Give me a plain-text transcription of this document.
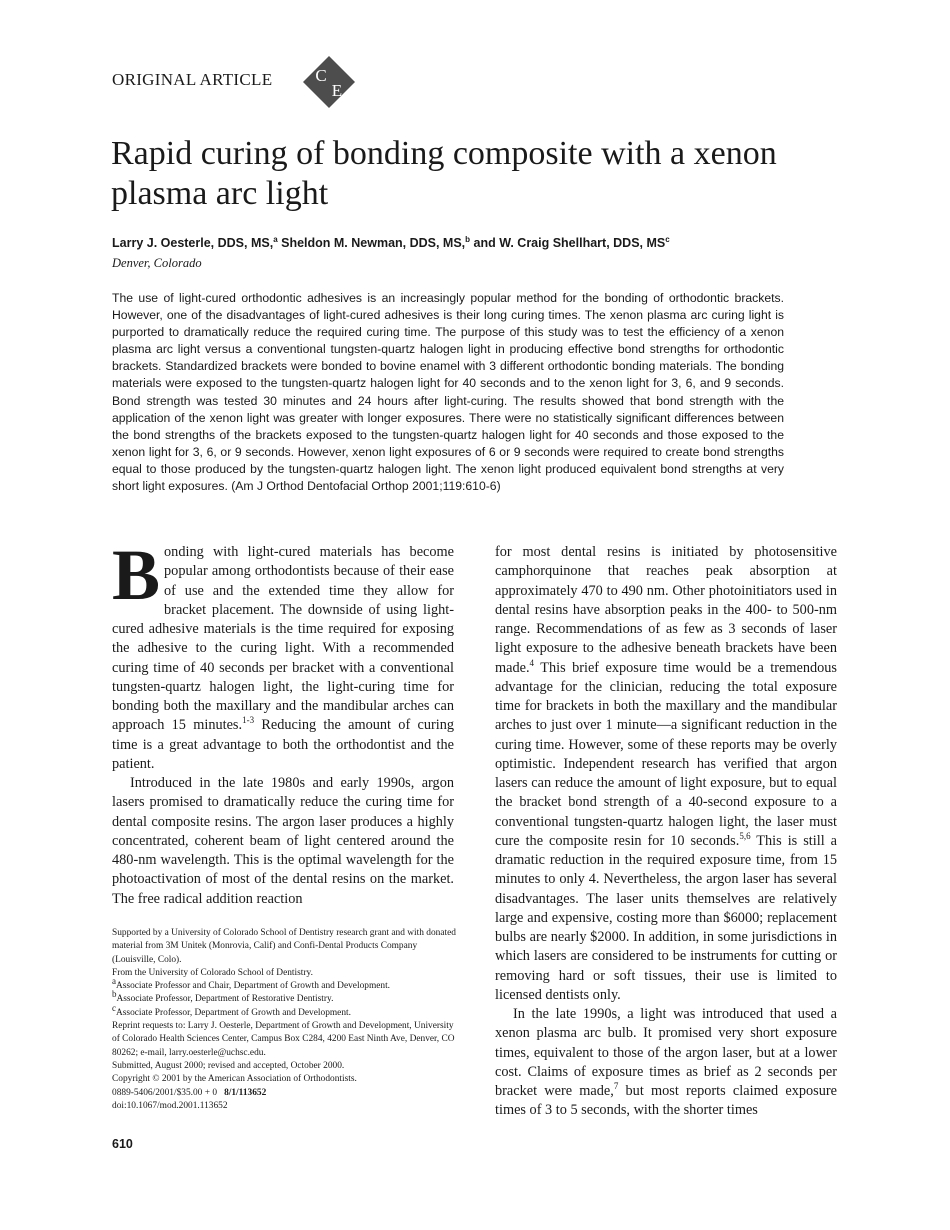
ORIGINAL ARTICLE	C
E
Rapid curing of bonding composite with a xenon plasma arc light
Larry J. Oesterle, DDS, MS,$^a$ Sheldon M. Newman, DDS, MS,$^b$ and W. Craig Shellhart, DDS, $MS^c$
Denver, Colorado

The use of light-cured orthodontic adhesives is an increasingly popular method for the bonding of orthodontic brackets. However, one of the disadvantages of light-cured adhesives is their long curing times. The xenon plasma arc curing light is purported to dramatically reduce the required curing time. The purpose of this study was to test the efficiency of a xenon plasma arc light versus a conventional tungsten-quartz halogen light in producing effective bond strengths for orthodontic brackets. Standardized brackets were bonded to bovine enamel with 3 different orthodontic bonding materials. The bonding materials were exposed to the tungsten-quartz halogen light for 40 seconds and to the xenon light for 3, 6, and 9 seconds. Bond strength was tested 30 minutes and 24 hours after light-curing. The results showed that bond strength with the application of the xenon light was greater with longer exposures. There were no statistically significant differences between the bond strengths of the brackets exposed to the tungsten-quartz halogen light for 40 seconds and those exposed to the xenon light for 3, 6, or 9 seconds. However, xenon light exposures of 6 or 9 seconds were required to create bond strengths equal to those produced by the tungsten-quartz halogen light. The xenon light produced equivalent bond strengths at very short light exposures. (Am J Orthod Dentofacial Orthop 2001;119:610-6)

Bonding with light-cured materials has become popular among orthodontists because of their ease of use and the extended time they allow for bracket placement. The downside of using light-cured adhesive materials is the time required for exposing the adhesive to the curing light. With a recommended curing time of 40 seconds per bracket with a conventional tungsten-quartz halogen light, the light-curing time for bonding both the maxillary and the mandibular arches can approach 15 minutes.$^{1-3}$ Reducing the amount of curing time is a great advantage to both the orthodontist and the patient.

Introduced in the late 1980s and early 1990s, argon lasers promised to dramatically reduce the curing time for dental composite resins. The argon laser produces a highly concentrated, coherent beam of light centered around the 480-nm wavelength. This is the optimal wavelength for the photoactivation of most of the dental resins on the market. The free radical addition reaction

for most dental resins is initiated by photosensitive camphorquinone that reaches peak absorption at approximately 470 to 490 nm. Other photoinitiators used in dental resins have absorption peaks in the 400- to 500-nm range. Recommendations of as few as 3 seconds of laser light exposure to the adhesive beneath brackets have been made.$^4$ This brief exposure time would be a tremendous advantage for the clinician, reducing the total exposure time for brackets in both the maxillary and the mandibular arches to just over 1 minute—a significant reduction in the curing time. However, some of these reports may be overly optimistic. Independent research has verified that argon lasers can reduce the amount of light exposure, but to equal the bracket bond strength of a 40-second exposure to a conventional tungsten-quartz halogen light, the laser must cure the composite resin for 10 seconds.$^{5,6}$ This is still a dramatic reduction in the required exposure time, from 15 minutes to only 4. Nevertheless, the argon laser has several disadvantages. The laser units themselves are relatively large and expensive, costing more than $6000; replacement bulbs are nearly $2000. In addition, in some jurisdictions in which lasers are considered to be instruments for cutting or removing hard or soft tissues, their use is limited to licensed dentists only.

In the late 1990s, a light was introduced that used a xenon plasma arc bulb. It promised very short exposure times, equivalent to those of the argon laser, but at a lower cost. Claims of exposure times as brief as 2 seconds per bracket were made,$^7$ but most reports claimed exposure times of 3 to 5 seconds, with the shorter times

Supported by a University of Colorado School of Dentistry research grant and with donated material from 3M Unitek (Monrovia, Calif) and Confi-Dental Products Company (Louisville, Colo).
From the University of Colorado School of Dentistry.
$^a$Associate Professor and Chair, Department of Growth and Development.
$^b$Associate Professor, Department of Restorative Dentistry.
$^c$Associate Professor, Department of Growth and Development.
Reprint requests to: Larry J. Oesterle, Department of Growth and Development, University of Colorado Health Sciences Center, Campus Box C284, 4200 East Ninth Ave, Denver, CO 80262; e-mail, larry.oesterle@uchsc.edu.
Submitted, August 2000; revised and accepted, October 2000.
Copyright © 2001 by the American Association of Orthodontists.
0889-5406/2001/$35.00 + 0 8/1/113652
doi:10.1067/mod.2001.113652
610
